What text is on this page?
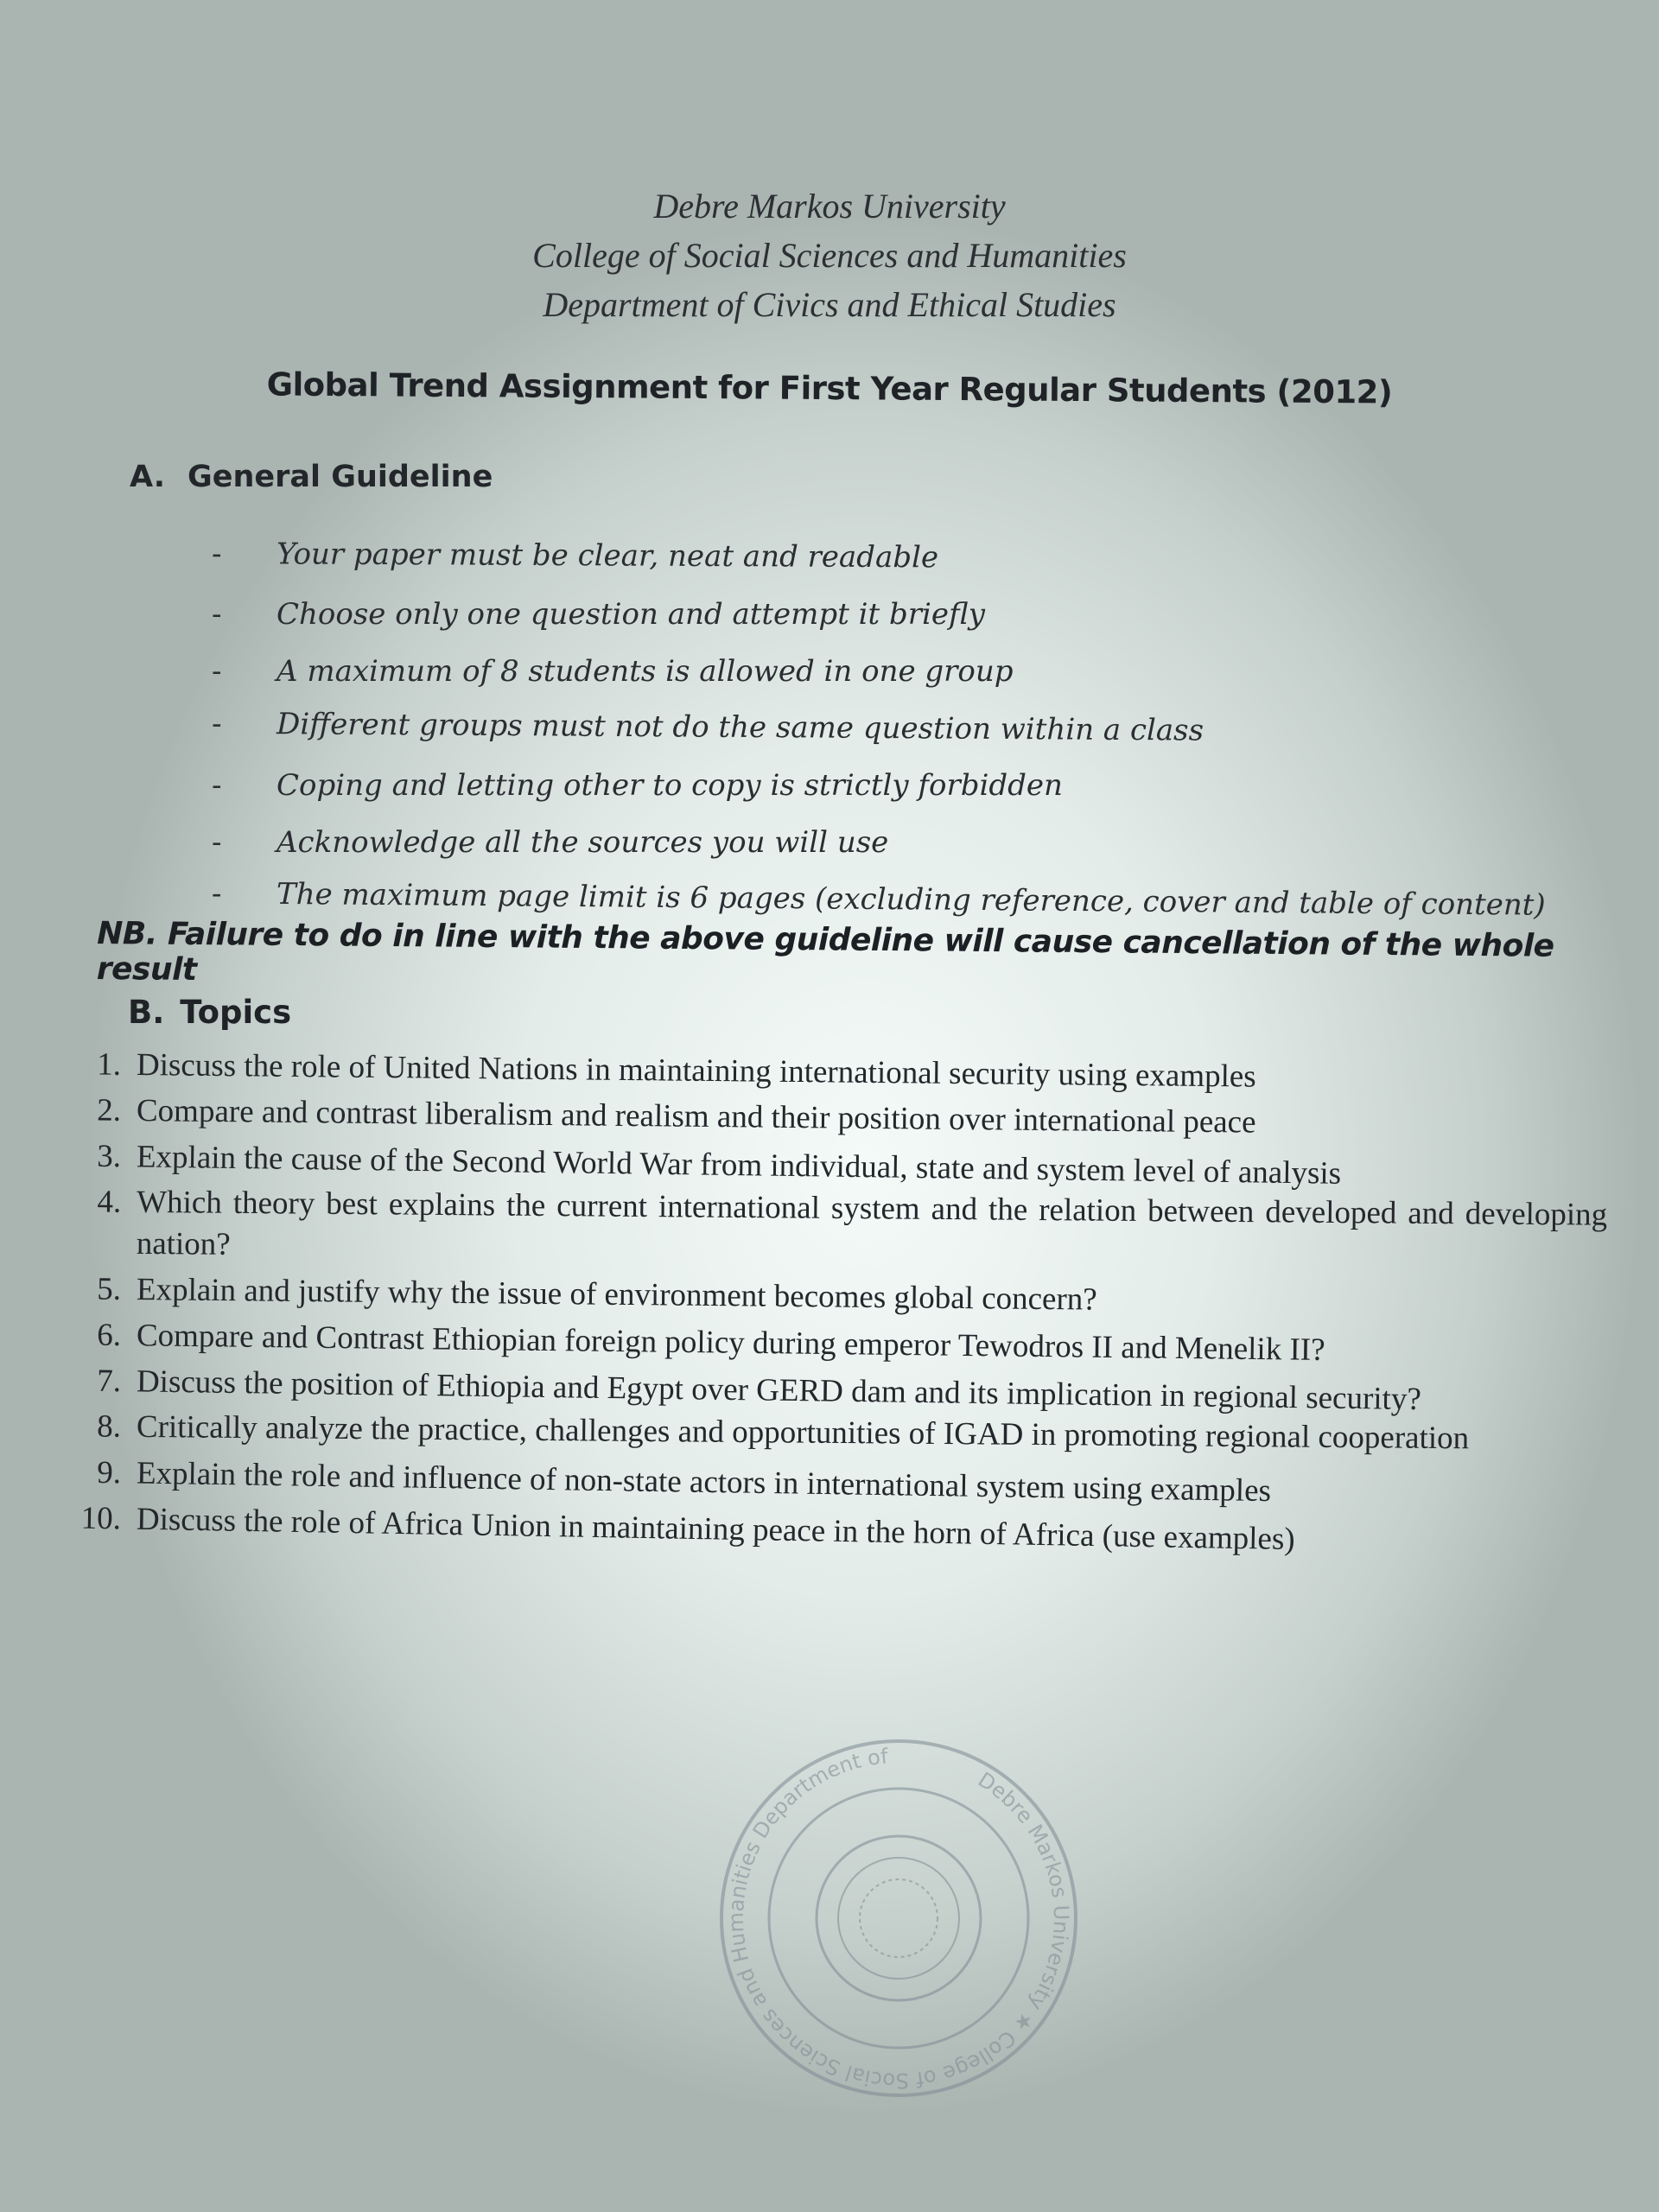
Debre Markos University
College of Social Sciences and Humanities
Department of Civics and Ethical Studies
Global Trend Assignment for First Year Regular Students (2012)
A. General Guideline
-	Your paper must be clear, neat and readable
-	Choose only one question and attempt it briefly
-	A maximum of 8 students is allowed in one group
-	Different groups must not do the same question within a class
-	Coping and letting other to copy is strictly forbidden
-	Acknowledge all the sources you will use
-	The maximum page limit is 6 pages (excluding reference, cover and table of content)
NB. Failure to do in line with the above guideline will cause cancellation of the whole result
B. Topics
1. Discuss the role of United Nations in maintaining international security using examples
2. Compare and contrast liberalism and realism and their position over international peace
3. Explain the cause of the Second World War from individual, state and system level of analysis
4. Which theory best explains the current international system and the relation between developed and developing nation?
5. Explain and justify why the issue of environment becomes global concern?
6. Compare and Contrast Ethiopian foreign policy during emperor Tewodros II and Menelik II?
7. Discuss the position of Ethiopia and Egypt over GERD dam and its implication in regional security?
8. Critically analyze the practice, challenges and opportunities of IGAD in promoting regional cooperation
9. Explain the role and influence of non-state actors in international system using examples
10. Discuss the role of Africa Union in maintaining peace in the horn of Africa (use examples)
Debre Markos University ★ College of Social Sciences and Humanities Department of
